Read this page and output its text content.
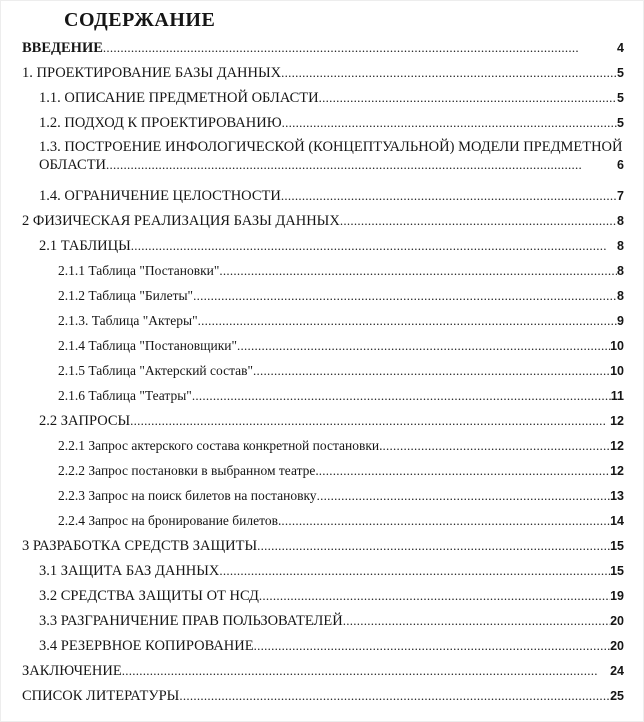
СОДЕРЖАНИЕ
ВВЕДЕНИЕ . . .	4
1. ПРОЕКТИРОВАНИЕ БАЗЫ ДАННЫХ . . .	5
1.1. ОПИСАНИЕ ПРЕДМЕТНОЙ ОБЛАСТИ . . .	5
1.2. ПОДХОД К ПРОЕКТИРОВАНИЮ . . .	5
1.3. ПОСТРОЕНИЕ ИНФОЛОГИЧЕСКОЙ (КОНЦЕПТУАЛЬНОЙ) МОДЕЛИ ПРЕДМЕТНОЙ
ОБЛАСТИ . . .	6
1.4. ОГРАНИЧЕНИЕ ЦЕЛОСТНОСТИ . . .	7
2 ФИЗИЧЕСКАЯ РЕАЛИЗАЦИЯ БАЗЫ ДАННЫХ . . .	8
2.1 ТАБЛИЦЫ . . .	8
2.1.1 Таблица "Постановки" . . .	8
2.1.2 Таблица "Билеты" . . .	8
2.1.3. Таблица "Актеры" . . .	9
2.1.4 Таблица "Постановщики" . . .	10
2.1.5 Таблица "Актерский состав" . . .	10
2.1.6 Таблица "Театры" . . .	11
2.2 ЗАПРОСЫ . . .	12
2.2.1 Запрос актерского состава конкретной постановки. . . .	12
2.2.2 Запрос постановки в выбранном театре. . . .	12
2.2.3 Запрос на поиск билетов на постановку . . .	13
2.2.4 Запрос на бронирование билетов. . . .	14
3 РАЗРАБОТКА СРЕДСТВ ЗАЩИТЫ . . .	15
3.1 ЗАЩИТА БАЗ ДАННЫХ . . .	15
3.2 СРЕДСТВА ЗАЩИТЫ ОТ НСД . . .	19
3.3 РАЗГРАНИЧЕНИЕ ПРАВ ПОЛЬЗОВАТЕЛЕЙ . . .	20
3.4 РЕЗЕРВНОЕ КОПИРОВАНИЕ . . .	20
ЗАКЛЮЧЕНИЕ . . .	24
СПИСОК ЛИТЕРАТУРЫ . . .	25
